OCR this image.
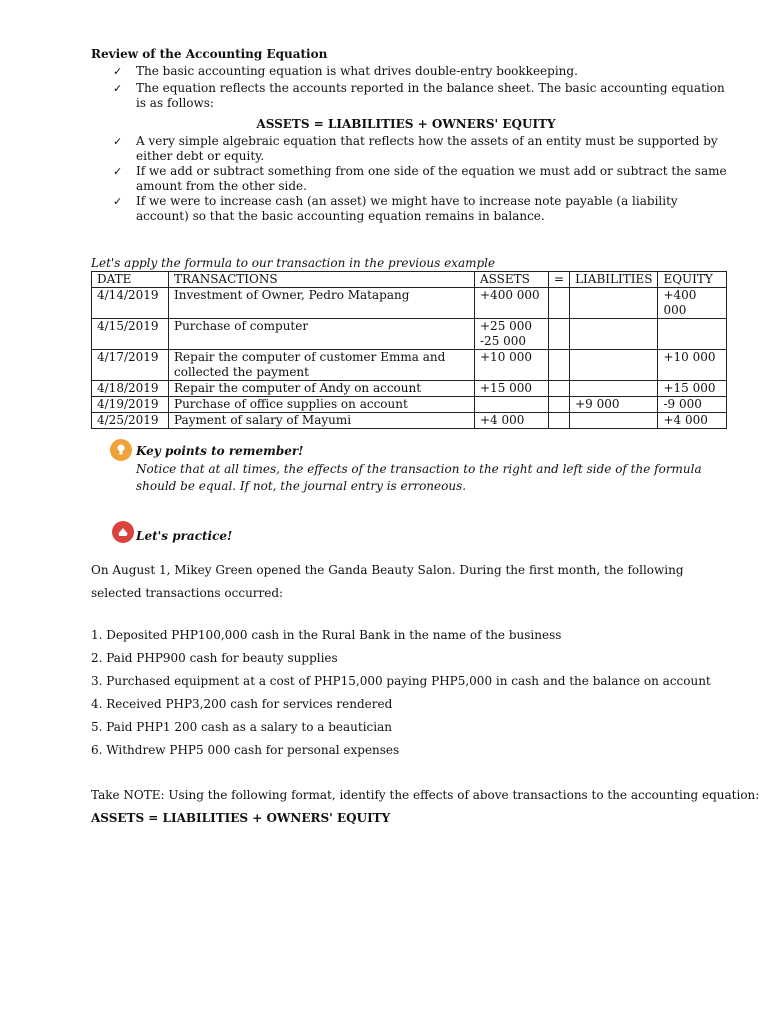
Review of the Accounting Equation
✓ The basic accounting equation is what drives double-entry bookkeeping.
✓ The equation reflects the accounts reported in the balance sheet. The basic accounting equation is as follows:
ASSETS = LIABILITIES + OWNERS' EQUITY
✓ A very simple algebraic equation that reflects how the assets of an entity must be supported by either debt or equity.
✓ If we add or subtract something from one side of the equation we must add or subtract the same amount from the other side.
✓ If we were to increase cash (an asset) we might have to increase note payable (a liability account) so that the basic accounting equation remains in balance.
Let's apply the formula to our transaction in the previous example
DATE	TRANSACTIONS	ASSETS	=	LIABILITIES	EQUITY
4/14/2019	Investment of Owner, Pedro Matapang	+400 000			+400 000
4/15/2019	Purchase of computer	+25 000
-25 000			
4/17/2019	Repair the computer of customer Emma and collected the payment	+10 000			+10 000
4/18/2019	Repair the computer of Andy on account	+15 000			+15 000
4/19/2019	Purchase of office supplies on account			+9 000	-9 000
4/25/2019	Payment of salary of Mayumi	+4 000			+4 000
Key points to remember!
Notice that at all times, the effects of the transaction to the right and left side of the formula should be equal. If not, the journal entry is erroneous.
Let's practice!
On August 1, Mikey Green opened the Ganda Beauty Salon. During the first month, the following selected transactions occurred:
1. Deposited PHP100,000 cash in the Rural Bank in the name of the business
2. Paid PHP900 cash for beauty supplies
3. Purchased equipment at a cost of PHP15,000 paying PHP5,000 in cash and the balance on account
4. Received PHP3,200 cash for services rendered
5. Paid PHP1 200 cash as a salary to a beautician
6. Withdrew PHP5 000 cash for personal expenses
Take NOTE: Using the following format, identify the effects of above transactions to the accounting equation:
ASSETS = LIABILITIES + OWNERS' EQUITY
